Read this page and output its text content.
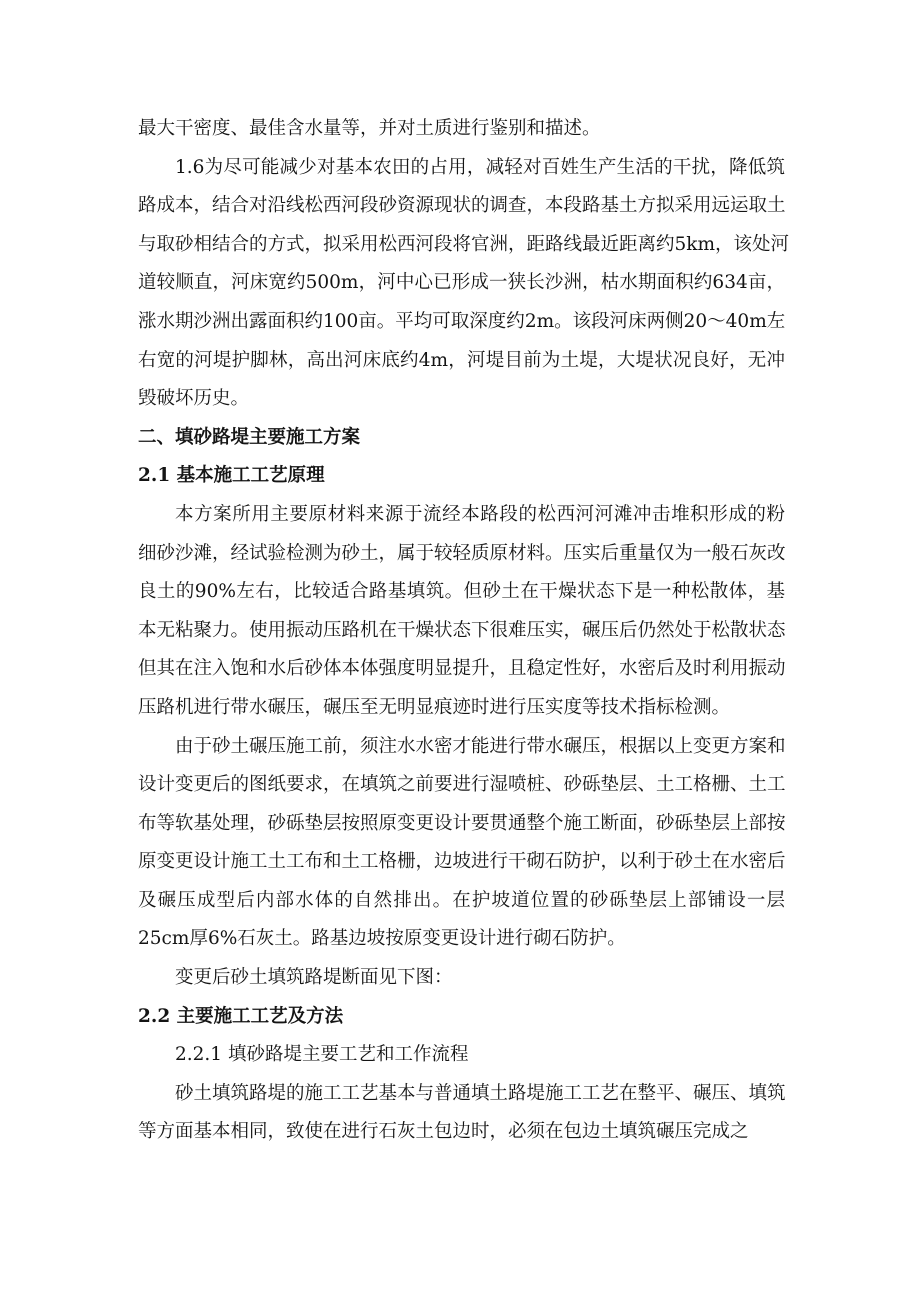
最大干密度、最佳含水量等，并对土质进行鉴别和描述。
1.6为尽可能减少对基本农田的占用，减轻对百姓生产生活的干扰，降低筑
路成本，结合对沿线松西河段砂资源现状的调查，本段路基土方拟采用远运取土
与取砂相结合的方式，拟采用松西河段将官洲，距路线最近距离约5km，该处河
道较顺直，河床宽约500m，河中心已形成一狭长沙洲，枯水期面积约634亩，
涨水期沙洲出露面积约100亩。平均可取深度约2m。该段河床两侧20～40m左
右宽的河堤护脚林，高出河床底约4m，河堤目前为土堤，大堤状况良好，无冲
毁破坏历史。
二、填砂路堤主要施工方案
2.1 基本施工工艺原理
本方案所用主要原材料来源于流经本路段的松西河河滩冲击堆积形成的粉
细砂沙滩，经试验检测为砂土，属于较轻质原材料。压实后重量仅为一般石灰改
良土的90%左右，比较适合路基填筑。但砂土在干燥状态下是一种松散体，基
本无粘聚力。使用振动压路机在干燥状态下很难压实，碾压后仍然处于松散状态
但其在注入饱和水后砂体本体强度明显提升，且稳定性好，水密后及时利用振动
压路机进行带水碾压，碾压至无明显痕迹时进行压实度等技术指标检测。
由于砂土碾压施工前，须注水水密才能进行带水碾压，根据以上变更方案和
设计变更后的图纸要求，在填筑之前要进行湿喷桩、砂砾垫层、土工格栅、土工
布等软基处理，砂砾垫层按照原变更设计要贯通整个施工断面，砂砾垫层上部按
原变更设计施工土工布和土工格栅，边坡进行干砌石防护，以利于砂土在水密后
及碾压成型后内部水体的自然排出。在护坡道位置的砂砾垫层上部铺设一层
25cm厚6%石灰土。路基边坡按原变更设计进行砌石防护。
变更后砂土填筑路堤断面见下图：
2.2 主要施工工艺及方法
2.2.1 填砂路堤主要工艺和工作流程
砂土填筑路堤的施工工艺基本与普通填土路堤施工工艺在整平、碾压、填筑
等方面基本相同，致使在进行石灰土包边时，必须在包边土填筑碾压完成之
